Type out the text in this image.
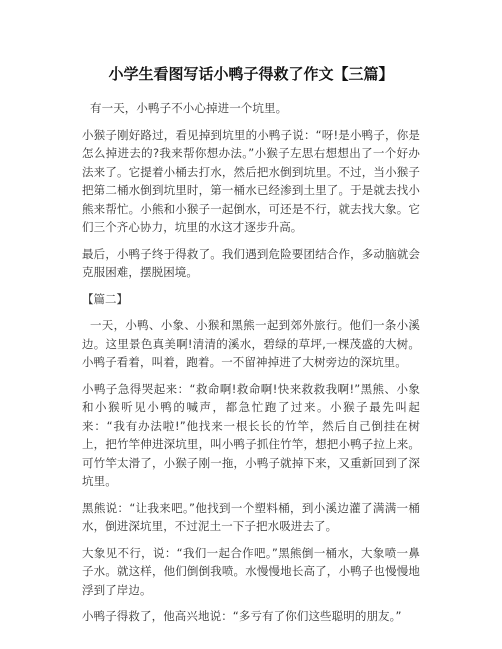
小学生看图写话小鸭子得救了作文【三篇】

有一天，小鸭子不小心掉进一个坑里。

小猴子刚好路过，看见掉到坑里的小鸭子说：“呀!是小鸭子，你是怎么掉进去的?我来帮你想办法。”小猴子左思右想想出了一个好办法来了。它提着小桶去打水，然后把水倒到坑里。不过，当小猴子把第二桶水倒到坑里时，第一桶水已经渗到土里了。于是就去找小熊来帮忙。小熊和小猴子一起倒水，可还是不行，就去找大象。它们三个齐心协力，坑里的水这才逐步升高。

最后，小鸭子终于得救了。我们遇到危险要团结合作，多动脑就会克服困难，摆脱困境。

【篇二】

一天，小鸭、小象、小猴和黑熊一起到郊外旅行。他们一条小溪边。这里景色真美啊!清清的溪水，碧绿的草坪,一棵茂盛的大树。小鸭子看着，叫着，跑着。一不留神掉进了大树旁边的深坑里。

小鸭子急得哭起来：“救命啊!救命啊!快来救救我啊!”黑熊、小象和小猴听见小鸭的喊声，都急忙跑了过来。小猴子最先叫起来：“我有办法啦!”他找来一根长长的竹竿，然后自己倒挂在树上，把竹竿伸进深坑里，叫小鸭子抓住竹竿，想把小鸭子拉上来。可竹竿太滑了，小猴子刚一拖，小鸭子就掉下来，又重新回到了深坑里。

黑熊说：“让我来吧。”他找到一个塑料桶，到小溪边灌了满满一桶水，倒进深坑里，不过泥土一下子把水吸进去了。

大象见不行，说：“我们一起合作吧。”黑熊倒一桶水，大象喷一鼻子水。就这样，他们倒倒我喷。水慢慢地长高了，小鸭子也慢慢地浮到了岸边。

小鸭子得救了，他高兴地说：“多亏有了你们这些聪明的朋友。”
